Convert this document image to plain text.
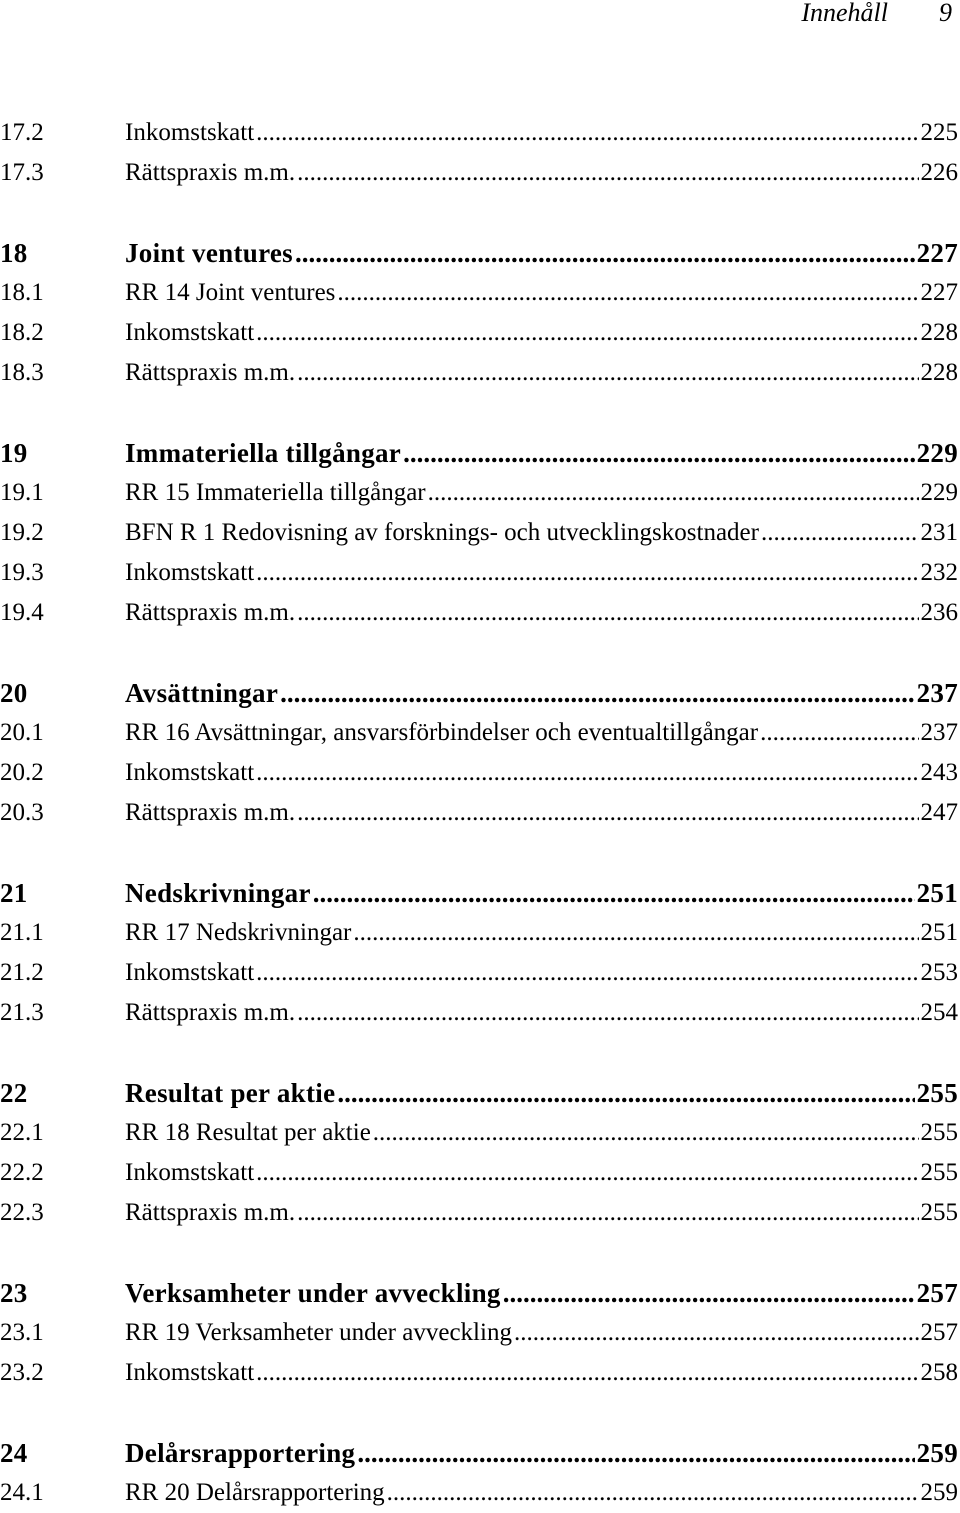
Innehåll 9
17.2	Inkomstskatt .....	225
17.3	Rättspraxis m.m. .....	226
18	Joint ventures .....	227
18.1	RR 14 Joint ventures .....	227
18.2	Inkomstskatt .....	228
18.3	Rättspraxis m.m. .....	228
19	Immateriella tillgångar .....	229
19.1	RR 15 Immateriella tillgångar .....	229
19.2	BFN R 1 Redovisning av forsknings- och utvecklingskostnader .....	231
19.3	Inkomstskatt .....	232
19.4	Rättspraxis m.m. .....	236
20	Avsättningar .....	237
20.1	RR 16 Avsättningar, ansvarsförbindelser och eventualtillgångar .....	237
20.2	Inkomstskatt .....	243
20.3	Rättspraxis m.m. .....	247
21	Nedskrivningar .....	251
21.1	RR 17 Nedskrivningar .....	251
21.2	Inkomstskatt .....	253
21.3	Rättspraxis m.m. .....	254
22	Resultat per aktie .....	255
22.1	RR 18 Resultat per aktie .....	255
22.2	Inkomstskatt .....	255
22.3	Rättspraxis m.m. .....	255
23	Verksamheter under avveckling .....	257
23.1	RR 19 Verksamheter under avveckling .....	257
23.2	Inkomstskatt .....	258
24	Delårsrapportering .....	259
24.1	RR 20 Delårsrapportering .....	259
